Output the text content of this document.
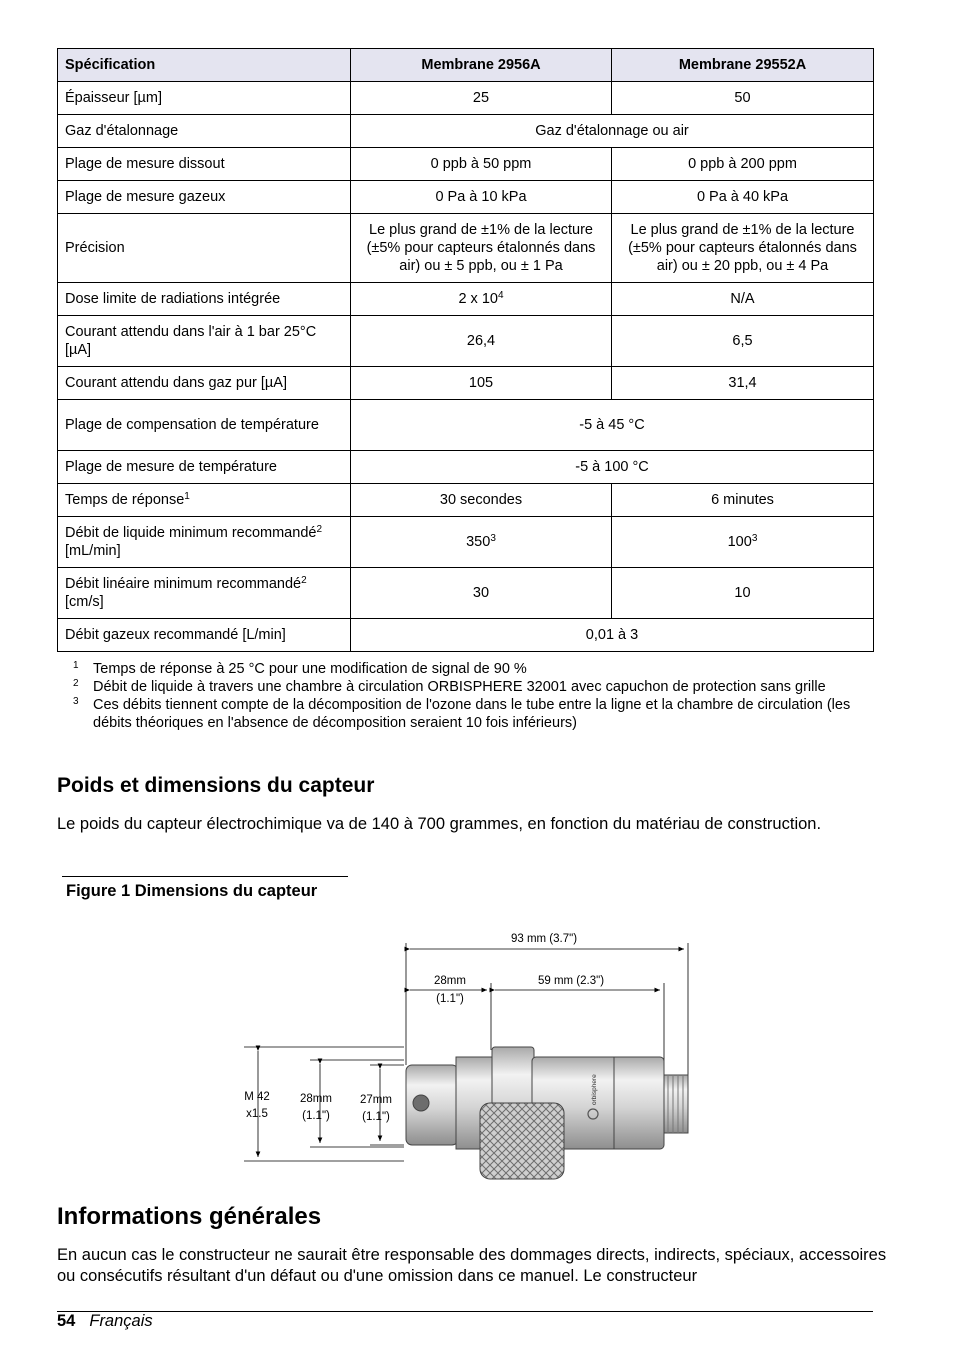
Spécification	Membrane 2956A	Membrane 29552A
Épaisseur [µm]	25	50
Gaz d'étalonnage	Gaz d'étalonnage ou air	
Plage de mesure dissout	0 ppb à 50 ppm	0 ppb à 200 ppm
Plage de mesure gazeux	0 Pa à 10 kPa	0 Pa à 40 kPa
Précision	Le plus grand de ±1% de la lecture (±5% pour capteurs étalonnés dans air) ou ± 5 ppb, ou ± 1 Pa	Le plus grand de ±1% de la lecture (±5% pour capteurs étalonnés dans air) ou ± 20 ppb, ou ± 4 Pa
Dose limite de radiations intégrée	2 x $10^4$	N/A
Courant attendu dans l'air à 1 bar 25°C [µA]	26,4	6,5
Courant attendu dans gaz pur [µA]	105	31,4
Plage de compensation de température	-5 à 45 °C	
Plage de mesure de température	-5 à 100 °C	
Temps de réponse$^1$	30 secondes	6 minutes
Débit de liquide minimum recommandé$^2$ [mL/min]	$350^3$	$100^3$
Débit linéaire minimum recommandé$^2$ [cm/s]	30	10
Débit gazeux recommandé [L/min]	0,01 à 3	
1 Temps de réponse à 25 °C pour une modification de signal de 90 %
2 Débit de liquide à travers une chambre à circulation ORBISPHERE 32001 avec capuchon de protection sans grille
3 Ces débits tiennent compte de la décomposition de l'ozone dans le tube entre la ligne et la chambre de circulation (les débits théoriques en l'absence de décomposition seraient 10 fois inférieurs)
Poids et dimensions du capteur

Le poids du capteur électrochimique va de 140 à 700 grammes, en fonction du matériau de construction.

Figure 1 Dimensions du capteur
orbisphere
93 mm (3.7")
28mm
(1.1")
59 mm (2.3")
M 42
x1.5
28mm
(1.1")
27mm
(1.1")
Informations générales

En aucun cas le constructeur ne saurait être responsable des dommages directs, indirects, spéciaux, accessoires ou consécutifs résultant d'un défaut ou d'une omission dans ce manuel. Le constructeur

54 Français
